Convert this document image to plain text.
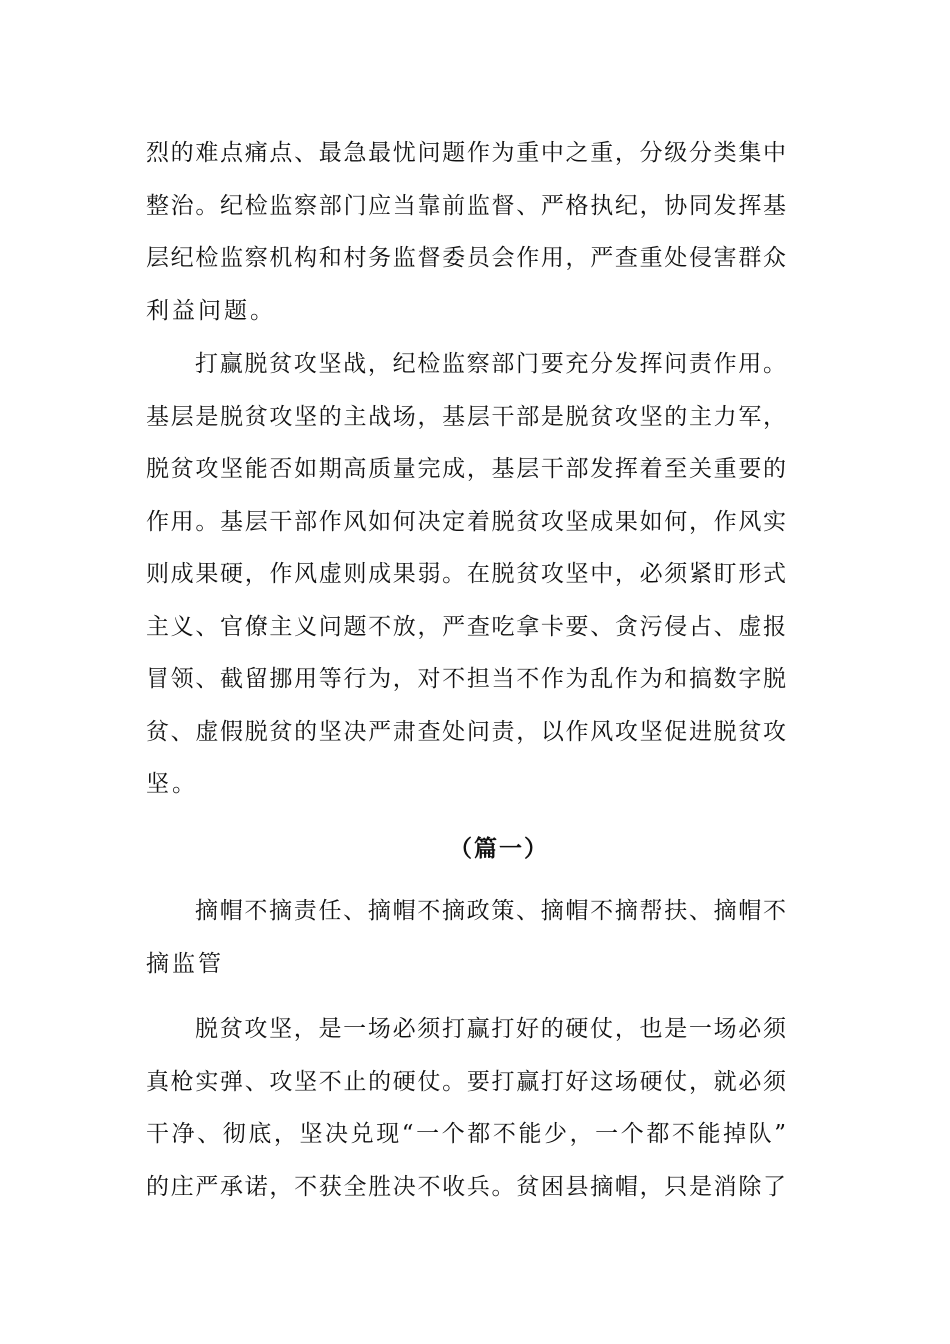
烈的难点痛点、最急最忧问题作为重中之重，分级分类集中
整治。纪检监察部门应当靠前监督、严格执纪，协同发挥基
层纪检监察机构和村务监督委员会作用，严查重处侵害群众
利益问题。
打赢脱贫攻坚战，纪检监察部门要充分发挥问责作用。
基层是脱贫攻坚的主战场，基层干部是脱贫攻坚的主力军，
脱贫攻坚能否如期高质量完成，基层干部发挥着至关重要的
作用。基层干部作风如何决定着脱贫攻坚成果如何，作风实
则成果硬，作风虚则成果弱。在脱贫攻坚中，必须紧盯形式
主义、官僚主义问题不放，严查吃拿卡要、贪污侵占、虚报
冒领、截留挪用等行为，对不担当不作为乱作为和搞数字脱
贫、虚假脱贫的坚决严肃查处问责，以作风攻坚促进脱贫攻
坚。
（篇一）
摘帽不摘责任、摘帽不摘政策、摘帽不摘帮扶、摘帽不
摘监管
脱贫攻坚，是一场必须打赢打好的硬仗，也是一场必须
真枪实弹、攻坚不止的硬仗。要打赢打好这场硬仗，就必须
干净、彻底，坚决兑现“一个都不能少，一个都不能掉队”
的庄严承诺，不获全胜决不收兵。贫困县摘帽，只是消除了
